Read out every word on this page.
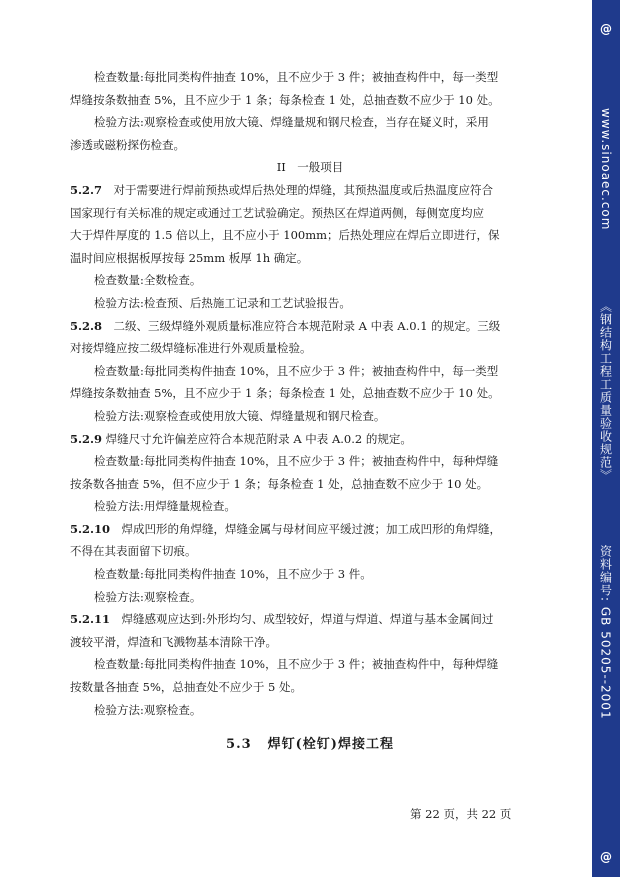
检查数量:每批同类构件抽查 10%，且不应少于 3 件；被抽查构件中，每一类型
焊缝按条数抽查 5%，且不应少于 1 条；每条检查 1 处，总抽查数不应少于 10 处。
检验方法:观察检查或使用放大镜、焊缝量规和钢尺检查，当存在疑义时，采用
渗透或磁粉探伤检查。
II　一般项目
5.2.7　 对于需要进行焊前预热或焊后热处理的焊缝，其预热温度或后热温度应符合
国家现行有关标准的规定或通过工艺试验确定。预热区在焊道两侧，每侧宽度均应
大于焊件厚度的 1.5 倍以上，且不应小于 100mm；后热处理应在焊后立即进行，保
温时间应根据板厚按每 25mm 板厚 1h 确定。
检查数量:全数检查。
检验方法:检查预、后热施工记录和工艺试验报告。
5.2.8　 二级、三级焊缝外观质量标准应符合本规范附录 A 中表 A.0.1 的规定。三级
对接焊缝应按二级焊缝标准进行外观质量检验。
检查数量:每批同类构件抽查 10%，且不应少于 3 件；被抽查构件中，每一类型
焊缝按条数抽查 5%，且不应少于 1 条；每条检查 1 处，总抽查数不应少于 10 处。
检验方法:观察检查或使用放大镜、焊缝量规和钢尺检查。
5.2.9 焊缝尺寸允许偏差应符合本规范附录 A 中表 A.0.2 的规定。
检查数量:每批同类构件抽查 10%，且不应少于 3 件；被抽查构件中，每种焊缝
按条数各抽查 5%，但不应少于 1 条；每条检查 1 处，总抽查数不应少于 10 处。
检验方法:用焊缝量规检查。
5.2.10　 焊成凹形的角焊缝，焊缝金属与母材间应平缓过渡；加工成凹形的角焊缝，
不得在其表面留下切痕。
检查数量:每批同类构件抽查 10%，且不应少于 3 件。
检验方法:观察检查。
5.2.11　 焊缝感观应达到:外形均匀、成型较好，焊道与焊道、焊道与基本金属间过
渡较平滑，焊渣和飞溅物基本清除干净。
检查数量:每批同类构件抽查 10%，且不应少于 3 件；被抽查构件中，每种焊缝
按数量各抽查 5%，总抽查处不应少于 5 处。
检验方法:观察检查。
5.3 焊钉(栓钉)焊接工程
第 22 页，共 22 页
@
www.sinoaec.com
《钢结构工程工质量验收规范》
资料编号: GB 50205--2001
@
